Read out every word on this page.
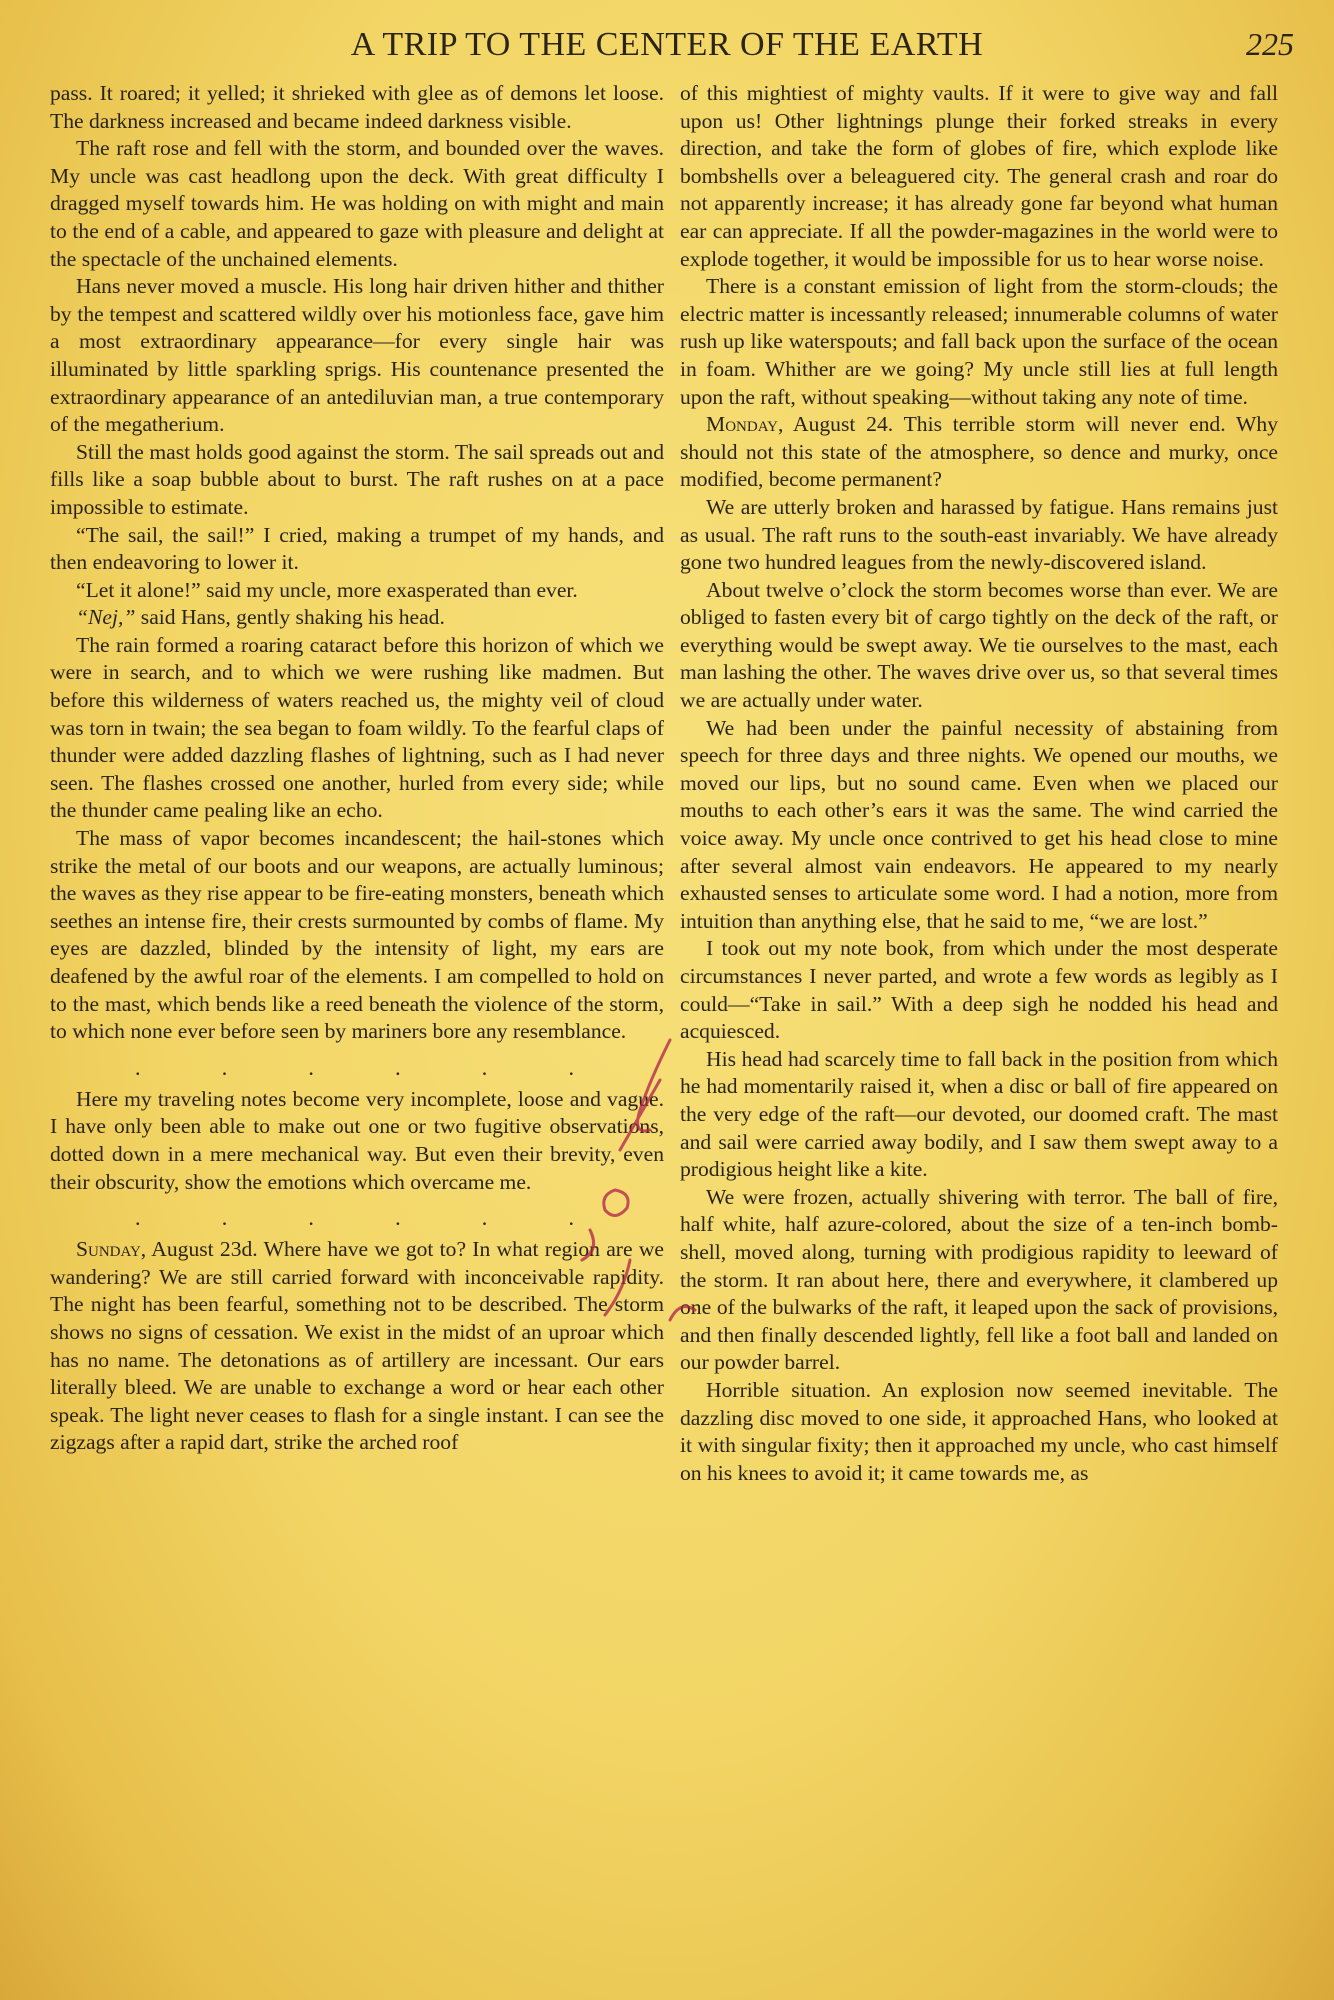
A TRIP TO THE CENTER OF THE EARTH	225

pass. It roared; it yelled; it shrieked with glee as of demons let loose. The darkness increased and became indeed darkness visible.

The raft rose and fell with the storm, and bounded over the waves. My uncle was cast headlong upon the deck. With great difficulty I dragged myself towards him. He was holding on with might and main to the end of a cable, and appeared to gaze with pleasure and delight at the spectacle of the unchained elements.

Hans never moved a muscle. His long hair driven hither and thither by the tempest and scattered wildly over his motionless face, gave him a most extraordinary appearance—for every single hair was illuminated by little sparkling sprigs. His countenance presented the extraordinary appearance of an antediluvian man, a true contemporary of the megatherium.

Still the mast holds good against the storm. The sail spreads out and fills like a soap bubble about to burst. The raft rushes on at a pace impossible to estimate.

“The sail, the sail!” I cried, making a trumpet of my hands, and then endeavoring to lower it.

“Let it alone!” said my uncle, more exasperated than ever.

“Nej,” said Hans, gently shaking his head.

The rain formed a roaring cataract before this horizon of which we were in search, and to which we were rushing like madmen. But before this wilderness of waters reached us, the mighty veil of cloud was torn in twain; the sea began to foam wildly. To the fearful claps of thunder were added dazzling flashes of lightning, such as I had never seen. The flashes crossed one another, hurled from every side; while the thunder came pealing like an echo.

The mass of vapor becomes incandescent; the hail-stones which strike the metal of our boots and our weapons, are actually luminous; the waves as they rise appear to be fire-eating monsters, beneath which seethes an intense fire, their crests surmounted by combs of flame. My eyes are dazzled, blinded by the intensity of light, my ears are deafened by the awful roar of the elements. I am compelled to hold on to the mast, which bends like a reed beneath the violence of the storm, to which none ever before seen by mariners bore any resemblance.

.	.	.	.	.	.

Here my traveling notes become very incomplete, loose and vague. I have only been able to make out one or two fugitive observations, dotted down in a mere mechanical way. But even their brevity, even their obscurity, show the emotions which overcame me.

.	.	.	.	.	.

Sunday, August 23d. Where have we got to? In what region are we wandering? We are still carried forward with inconceivable rapidity. The night has been fearful, something not to be described. The storm shows no signs of cessation. We exist in the midst of an uproar which has no name. The detonations as of artillery are incessant. Our ears literally bleed. We are unable to exchange a word or hear each other speak. The light never ceases to flash for a single instant. I can see the zigzags after a rapid dart, strike the arched roof

of this mightiest of mighty vaults. If it were to give way and fall upon us! Other lightnings plunge their forked streaks in every direction, and take the form of globes of fire, which explode like bombshells over a beleaguered city. The general crash and roar do not apparently increase; it has already gone far beyond what human ear can appreciate. If all the powder-magazines in the world were to explode together, it would be impossible for us to hear worse noise.

There is a constant emission of light from the storm-clouds; the electric matter is incessantly released; innumerable columns of water rush up like waterspouts; and fall back upon the surface of the ocean in foam. Whither are we going? My uncle still lies at full length upon the raft, without speaking—without taking any note of time.

Monday, August 24. This terrible storm will never end. Why should not this state of the atmosphere, so dence and murky, once modified, become permanent?

We are utterly broken and harassed by fatigue. Hans remains just as usual. The raft runs to the south-east invariably. We have already gone two hundred leagues from the newly-discovered island.

About twelve o’clock the storm becomes worse than ever. We are obliged to fasten every bit of cargo tightly on the deck of the raft, or everything would be swept away. We tie ourselves to the mast, each man lashing the other. The waves drive over us, so that several times we are actually under water.

We had been under the painful necessity of abstaining from speech for three days and three nights. We opened our mouths, we moved our lips, but no sound came. Even when we placed our mouths to each other’s ears it was the same. The wind carried the voice away. My uncle once contrived to get his head close to mine after several almost vain endeavors. He appeared to my nearly exhausted senses to articulate some word. I had a notion, more from intuition than anything else, that he said to me, “we are lost.”

I took out my note book, from which under the most desperate circumstances I never parted, and wrote a few words as legibly as I could—“Take in sail.” With a deep sigh he nodded his head and acquiesced.

His head had scarcely time to fall back in the position from which he had momentarily raised it, when a disc or ball of fire appeared on the very edge of the raft—our devoted, our doomed craft. The mast and sail were carried away bodily, and I saw them swept away to a prodigious height like a kite.

We were frozen, actually shivering with terror. The ball of fire, half white, half azure-colored, about the size of a ten-inch bomb-shell, moved along, turning with prodigious rapidity to leeward of the storm. It ran about here, there and everywhere, it clambered up one of the bulwarks of the raft, it leaped upon the sack of provisions, and then finally descended lightly, fell like a foot ball and landed on our powder barrel.

Horrible situation. An explosion now seemed inevitable. The dazzling disc moved to one side, it approached Hans, who looked at it with singular fixity; then it approached my uncle, who cast himself on his knees to avoid it; it came towards me, as
